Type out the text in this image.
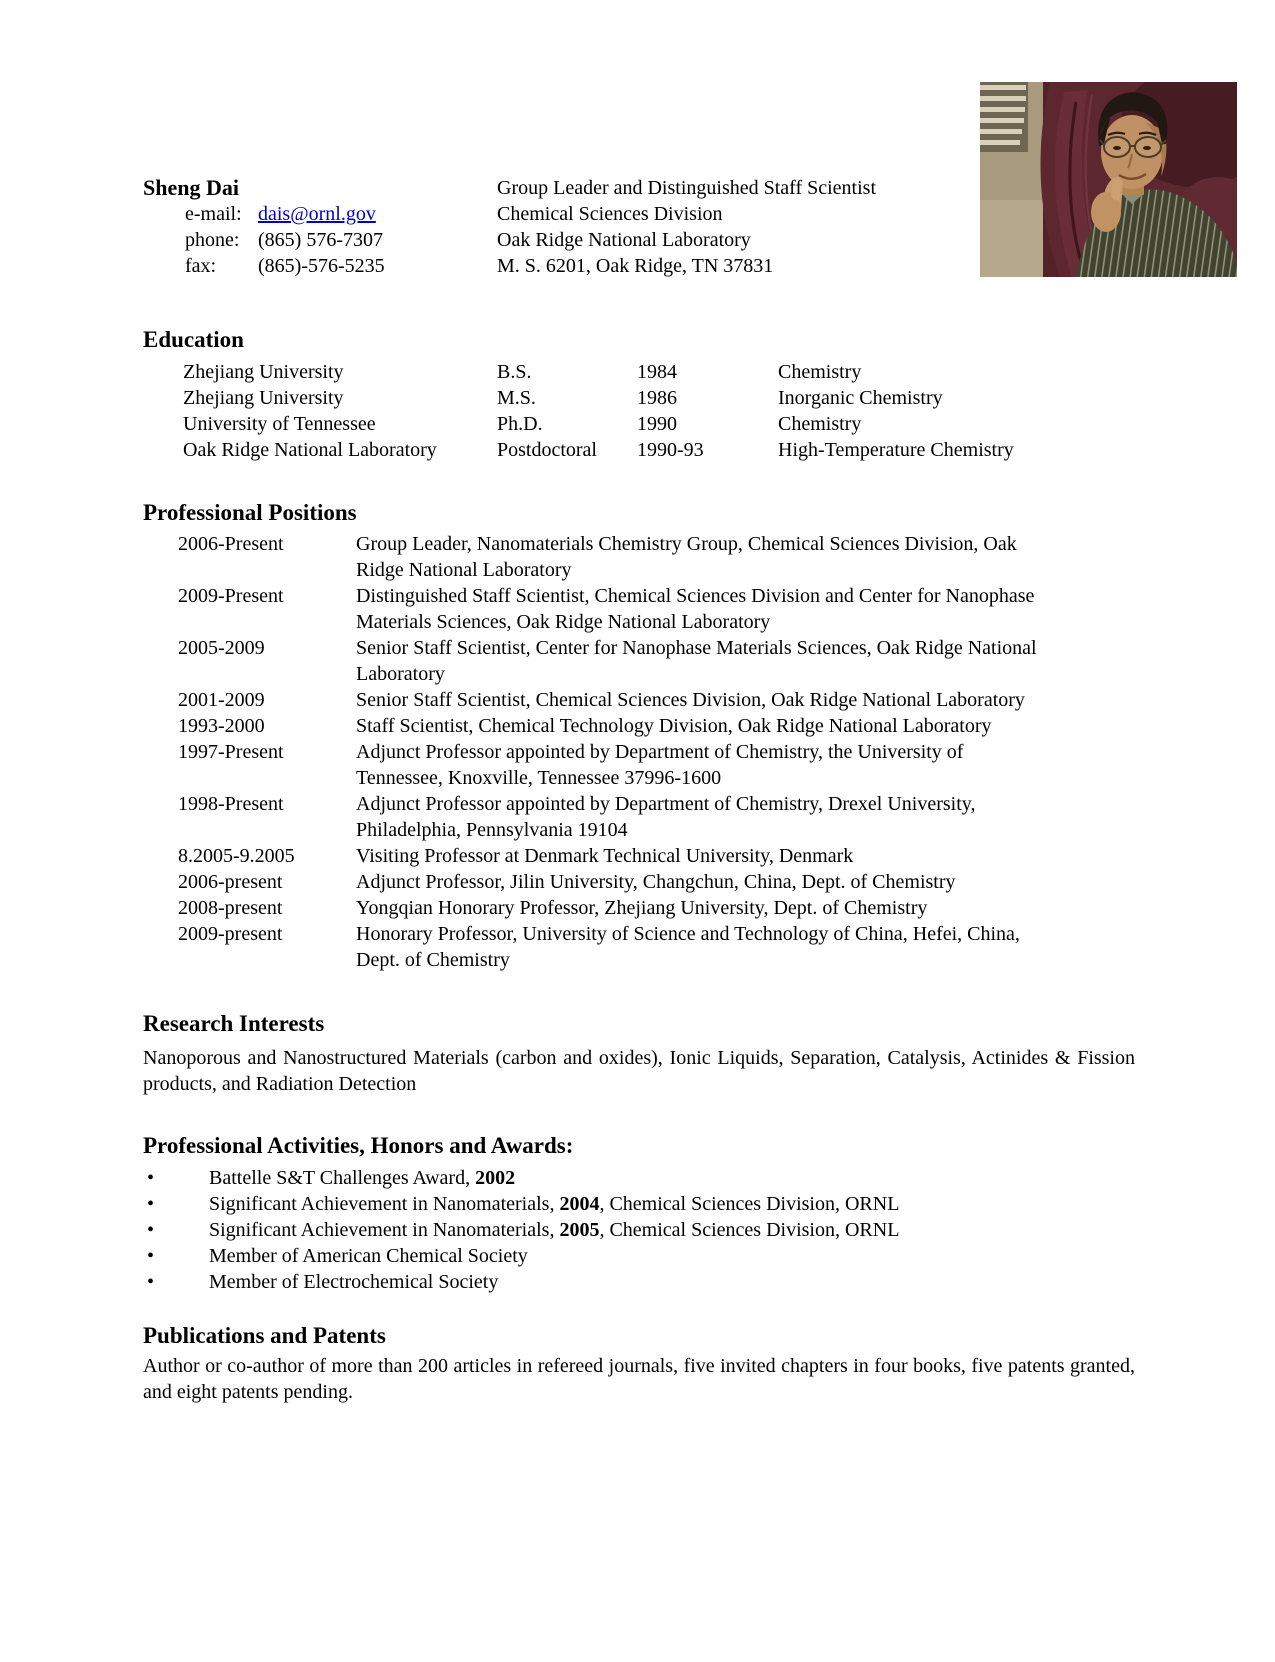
Sheng Dai
e-mail: dais@ornl.gov
phone: (865) 576-7307
fax:	(865)-576-5235
Group Leader and Distinguished Staff Scientist
Chemical Sciences Division
Oak Ridge National Laboratory
M. S. 6201, Oak Ridge, TN 37831
Education
Zhejiang University	B.S.	1984	Chemistry
Zhejiang University	M.S.	1986	Inorganic Chemistry
University of Tennessee	Ph.D.	1990	Chemistry
Oak Ridge National Laboratory	Postdoctoral	1990-93	High-Temperature Chemistry
Professional Positions
2006-Present	Group Leader, Nanomaterials Chemistry Group, Chemical Sciences Division, Oak Ridge National Laboratory
2009-Present	Distinguished Staff Scientist, Chemical Sciences Division and Center for Nanophase Materials Sciences, Oak Ridge National Laboratory
2005-2009	Senior Staff Scientist, Center for Nanophase Materials Sciences, Oak Ridge National Laboratory
2001-2009	Senior Staff Scientist, Chemical Sciences Division, Oak Ridge National Laboratory
1993-2000	Staff Scientist, Chemical Technology Division, Oak Ridge National Laboratory
1997-Present	Adjunct Professor appointed by Department of Chemistry, the University of Tennessee, Knoxville, Tennessee 37996-1600
1998-Present	Adjunct Professor appointed by Department of Chemistry, Drexel University, Philadelphia, Pennsylvania 19104
8.2005-9.2005	Visiting Professor at Denmark Technical University, Denmark
2006-present	Adjunct Professor, Jilin University, Changchun, China, Dept. of Chemistry
2008-present	Yongqian Honorary Professor, Zhejiang University, Dept. of Chemistry
2009-present	Honorary Professor, University of Science and Technology of China, Hefei, China, Dept. of Chemistry
Research Interests
Nanoporous and Nanostructured Materials (carbon and oxides), Ionic Liquids, Separation, Catalysis, Actinides & Fission products, and Radiation Detection
Professional Activities, Honors and Awards:
•	Battelle S&T Challenges Award, 2002
•	Significant Achievement in Nanomaterials, 2004, Chemical Sciences Division, ORNL
•	Significant Achievement in Nanomaterials, 2005, Chemical Sciences Division, ORNL
•	Member of American Chemical Society
•	Member of Electrochemical Society
Publications and Patents
Author or co-author of more than 200 articles in refereed journals, five invited chapters in four books, five patents granted, and eight patents pending.
